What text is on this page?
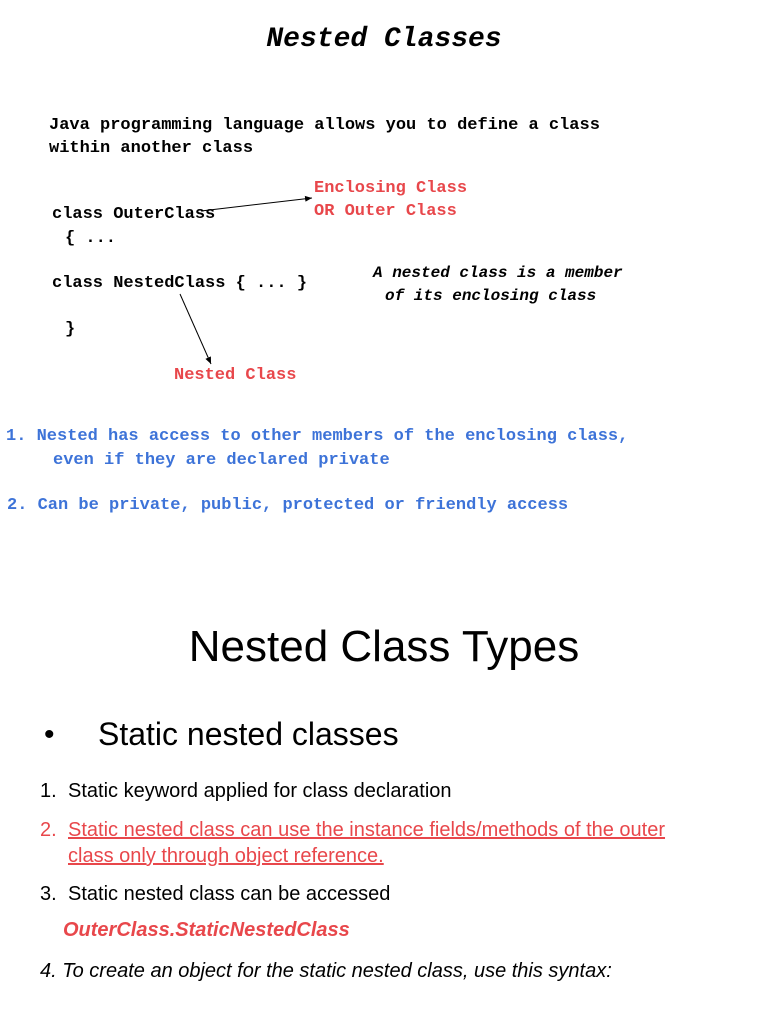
Nested Classes
Java programming language allows you to define a class
within another class
Enclosing Class
OR Outer Class
class OuterClass
{ ...
class NestedClass { ... }
}
A nested class is a member
of its enclosing class
Nested Class
1. Nested has access to other members of the enclosing class,
even if they are declared private
2. Can be private, public, protected or friendly access
Nested Class Types
• Static nested classes
1. Static keyword applied for class declaration
2. Static nested class can use the instance fields/methods of the outer
class only through object reference.
3. Static nested class can be accessed
OuterClass.StaticNestedClass
4. To create an object for the static nested class, use this syntax:
